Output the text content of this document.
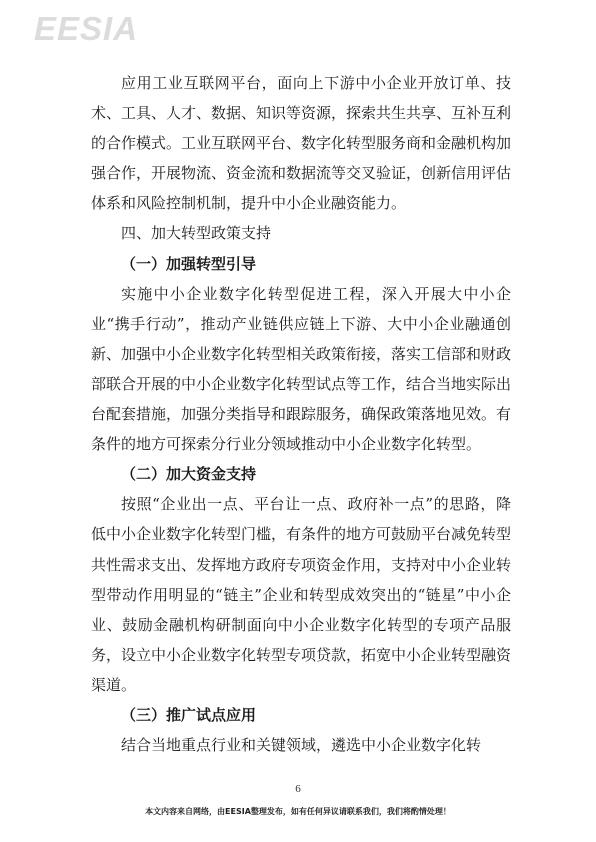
EESIA

应用工业互联网平台，面向上下游中小企业开放订单、技术、工具、人才、数据、知识等资源，探索共生共享、互补互利的合作模式。工业互联网平台、数字化转型服务商和金融机构加强合作，开展物流、资金流和数据流等交叉验证，创新信用评估体系和风险控制机制，提升中小企业融资能力。

四、加大转型政策支持

（一）加强转型引导

实施中小企业数字化转型促进工程，深入开展大中小企业“携手行动”，推动产业链供应链上下游、大中小企业融通创新、加强中小企业数字化转型相关政策衔接，落实工信部和财政部联合开展的中小企业数字化转型试点等工作，结合当地实际出台配套措施，加强分类指导和跟踪服务，确保政策落地见效。有条件的地方可探索分行业分领域推动中小企业数字化转型。

（二）加大资金支持

按照“企业出一点、平台让一点、政府补一点”的思路，降低中小企业数字化转型门槛，有条件的地方可鼓励平台减免转型共性需求支出、发挥地方政府专项资金作用，支持对中小企业转型带动作用明显的“链主”企业和转型成效突出的“链星”中小企业、鼓励金融机构研制面向中小企业数字化转型的专项产品服务，设立中小企业数字化转型专项贷款，拓宽中小企业转型融资渠道。

（三）推广试点应用

结合当地重点行业和关键领域，遴选中小企业数字化转

6
本文内容来自网络，由EESIA整理发布，如有任何异议请联系我们，我们将酌情处理！
